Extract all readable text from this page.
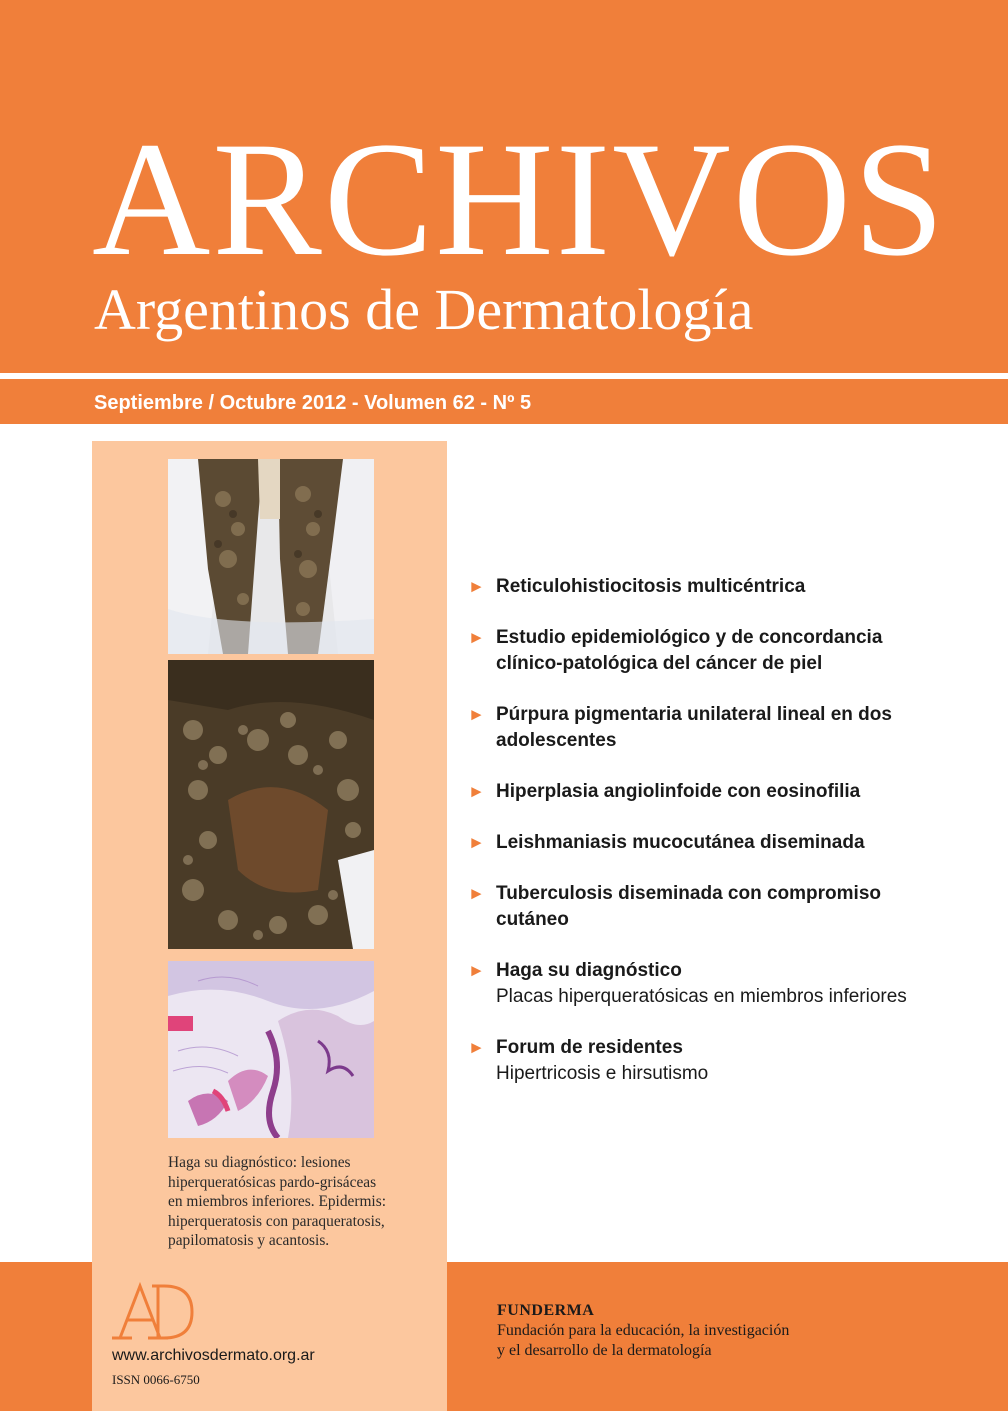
ARCHIVOS
Argentinos de Dermatología
Septiembre / Octubre 2012 - Volumen 62 - Nº 5
Haga su diagnóstico: lesiones
hiperqueratósicas pardo-grisáceas
en miembros inferiores. Epidermis:
hiperqueratosis con paraqueratosis,
papilomatosis y acantosis.
www.archivosdermato.org.ar
ISSN 0066-6750
► Reticulohistiocitosis multicéntrica
► Estudio epidemiológico y de concordancia
clínico-patológica del cáncer de piel
► Púrpura pigmentaria unilateral lineal en dos
adolescentes
► Hiperplasia angiolinfoide con eosinofilia
► Leishmaniasis mucocutánea diseminada
► Tuberculosis diseminada con compromiso
cutáneo
► Haga su diagnóstico
Placas hiperqueratósicas en miembros inferiores
► Forum de residentes
Hipertricosis e hirsutismo
FUNDERMA
Fundación para la educación, la investigación
y el desarrollo de la dermatología
